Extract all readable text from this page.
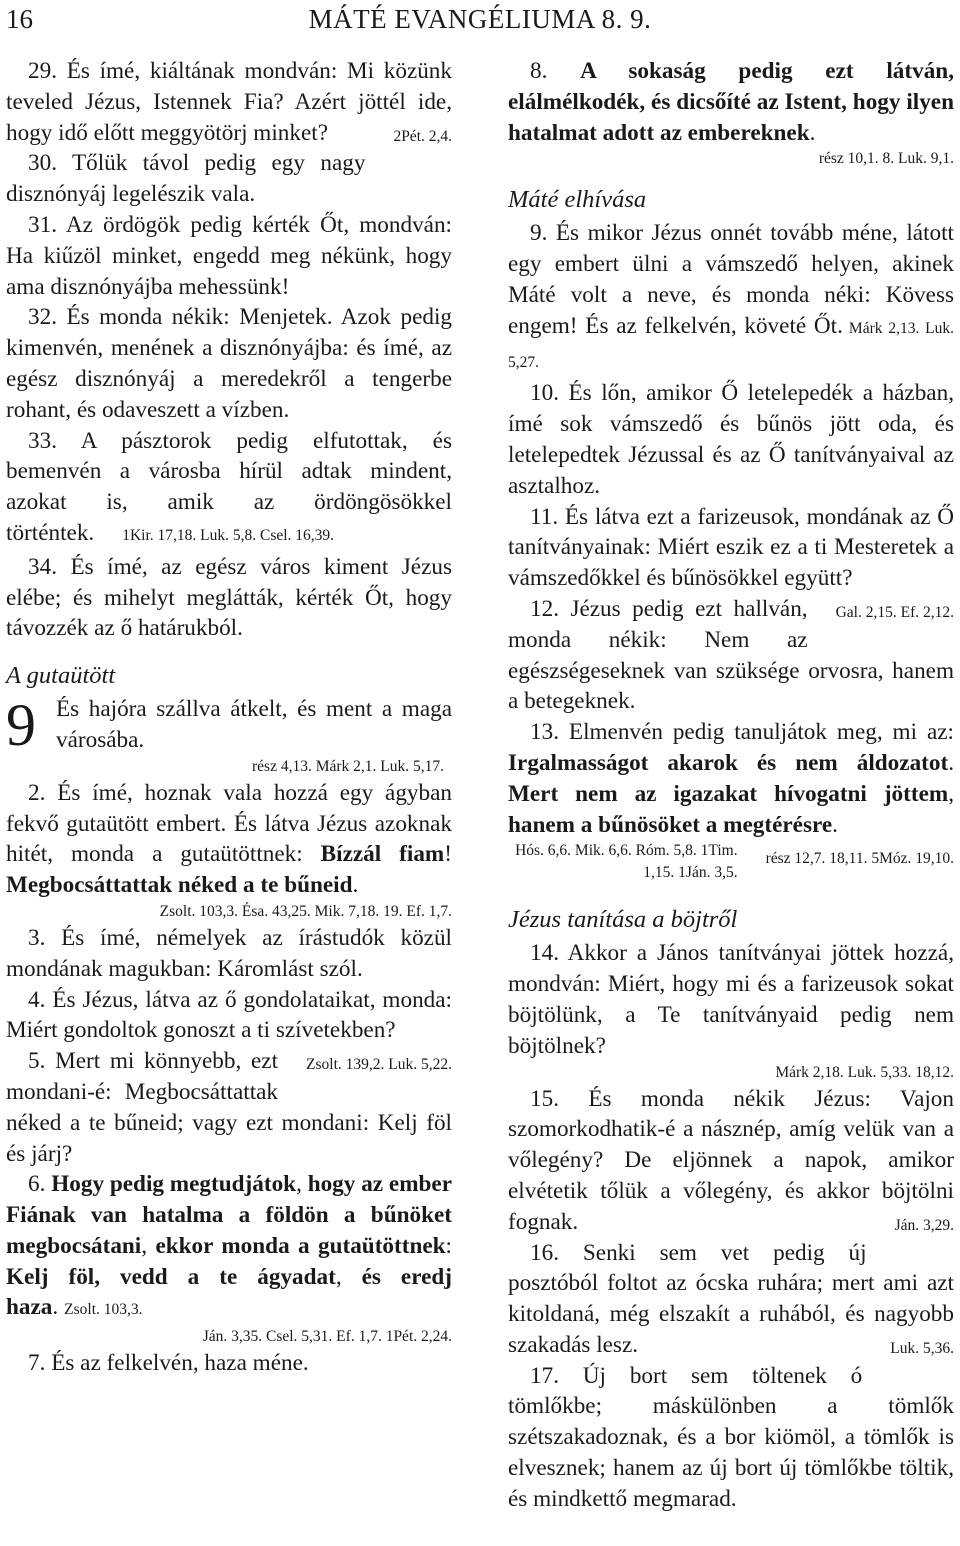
16	MÁTÉ EVANGÉLIUMA 8. 9.

29. És ímé, kiáltának mondván: Mi közünk teveled Jézus, Istennek Fia? Azért jöttél ide, hogy idő előtt meggyötörj minket?	2Pét. 2,4.

30. Tőlük távol pedig egy nagy disznónyáj legelészik vala.

31. Az ördögök pedig kérték Őt, mondván: Ha kiűzöl minket, engedd meg nékünk, hogy ama disznónyájba mehessünk!

32. És monda nékik: Menjetek. Azok pedig kimenvén, menének a disznónyájba: és ímé, az egész disznónyáj a meredekről a tengerbe rohant, és odaveszett a vízben.

33. A pásztorok pedig elfutottak, és bemenvén a városba hírül adtak mindent, azokat is, amik az ördöngösökkel történtek. 1Kir. 17,18. Luk. 5,8. Csel. 16,39.

34. És ímé, az egész város kiment Jézus elébe; és mihelyt meglátták, kérték Őt, hogy távozzék az ő határukból.

A gutaütött

9 És hajóra szállva átkelt, és ment a maga városába.

rész 4,13. Márk 2,1. Luk. 5,17.

2. És ímé, hoznak vala hozzá egy ágyban fekvő gutaütött embert. És látva Jézus azoknak hitét, monda a gutaütöttnek: Bízzál fiam! Megbocsáttattak néked a te bűneid.

Zsolt. 103,3. Ésa. 43,25. Mik. 7,18. 19. Ef. 1,7.

3. És ímé, némelyek az írástudók közül mondának magukban: Káromlást szól.

4. És Jézus, látva az ő gondolataikat, monda: Miért gondoltok gonoszt a ti szívetekben?
Zsolt. 139,2. Luk. 5,22.

5. Mert mi könnyebb, ezt mondani-é: Megbocsáttattak néked a te bűneid; vagy ezt mondani: Kelj föl és járj?

6. Hogy pedig megtudjátok, hogy az ember Fiának van hatalma a földön a bűnöket megbocsátani, ekkor monda a gutaütöttnek: Kelj föl, vedd a te ágyadat, és eredj haza. Zsolt. 103,3.

Ján. 3,35. Csel. 5,31. Ef. 1,7. 1Pét. 2,24.

7. És az felkelvén, haza méne.

8. A sokaság pedig ezt látván, elálmélkodék, és dicsőíté az Istent, hogy ilyen hatalmat adott az embereknek.

rész 10,1. 8. Luk. 9,1.

Máté elhívása

9. És mikor Jézus onnét tovább méne, látott egy embert ülni a vámszedő helyen, akinek Máté volt a neve, és monda néki: Kövess engem! És az felkelvén, követé Őt. Márk 2,13. Luk. 5,27.

10. És lőn, amikor Ő letelepedék a házban, ímé sok vámszedő és bűnös jött oda, és letelepedtek Jézussal és az Ő tanítványaival az asztalhoz.

11. És látva ezt a farizeusok, mondának az Ő tanítványainak: Miért eszik ez a ti Mesteretek a vámszedőkkel és bűnösökkel együtt?
Gal. 2,15. Ef. 2,12.

12. Jézus pedig ezt hallván, monda nékik: Nem az egészségeseknek van szüksége orvosra, hanem a betegeknek.

13. Elmenvén pedig tanuljátok meg, mi az: Irgalmasságot akarok és nem áldozatot. Mert nem az igazakat hívogatni jöttem, hanem a bűnösöket a megtérésre.
rész 12,7. 18,11. 5Móz. 19,10.

Hós. 6,6. Mik. 6,6. Róm. 5,8. 1Tim. 1,15. 1Ján. 3,5.

Jézus tanítása a böjtről

14. Akkor a János tanítványai jöttek hozzá, mondván: Miért, hogy mi és a farizeusok sokat böjtölünk, a Te tanítványaid pedig nem böjtölnek?

Márk 2,18. Luk. 5,33. 18,12.

15. És monda nékik Jézus: Vajon szomorkodhatik-é a násznép, amíg velük van a vőlegény? De eljönnek a napok, amikor elvétetik tőlük a vőlegény, és akkor böjtölni fognak.	Ján. 3,29.

16. Senki sem vet pedig új posztóból foltot az ócska ruhára; mert ami azt kitoldaná, még elszakít a ruhából, és nagyobb szakadás lesz.	Luk. 5,36.

17. Új bort sem töltenek ó tömlőkbe; máskülönben a tömlők szétszakadoznak, és a bor kiömöl, a tömlők is elvesznek; hanem az új bort új tömlőkbe töltik, és mindkettő megmarad.
